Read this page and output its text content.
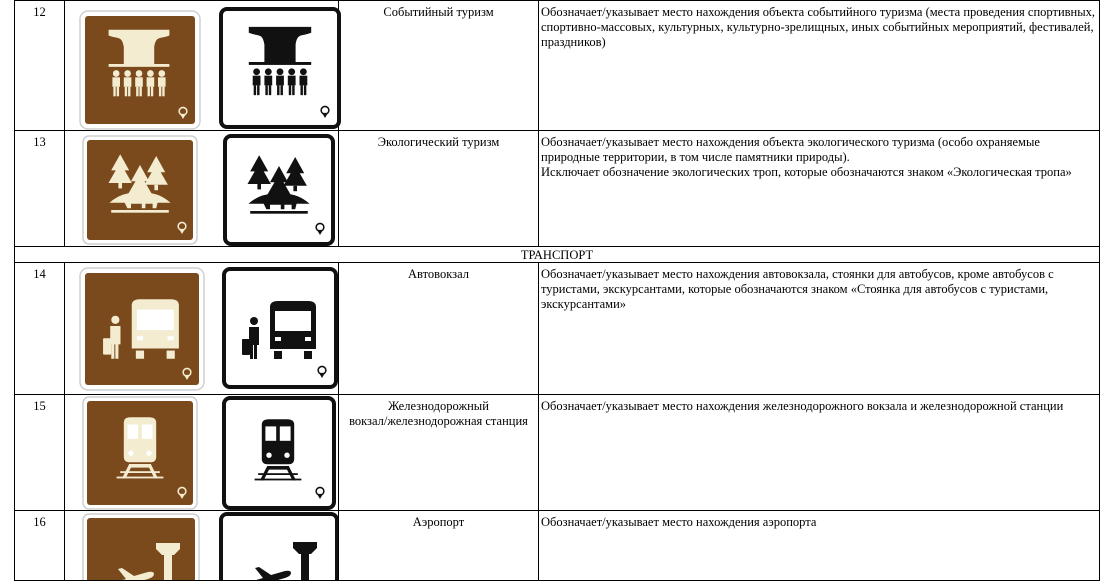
12		Событийный туризм	Обозначает/указывает место нахождения объекта событийного туризма (места проведения спортивных, спортивно-массовых, культурных, культурно-зрелищных, иных событийных мероприятий, фестивалей, праздников)

13		Экологический туризм	Обозначает/указывает место нахождения объекта экологического туризма (особо охраняемые природные территории, в том числе памятники природы).
Исключает обозначение экологических троп, которые обозначаются знаком «Экологическая тропа»

ТРАНСПОРТ			
14		Автовокзал	Обозначает/указывает место нахождения автовокзала, стоянки для автобусов, кроме автобусов с туристами, экскурсантами, которые обозначаются знаком «Стоянка для автобусов с туристами, экскурсантами»

15		Железнодорожный
вокзал/железнодорожная станция	Обозначает/указывает место нахождения железнодорожного вокзала и железнодорожной станции

16		Аэропорт	Обозначает/указывает место нахождения аэропорта
